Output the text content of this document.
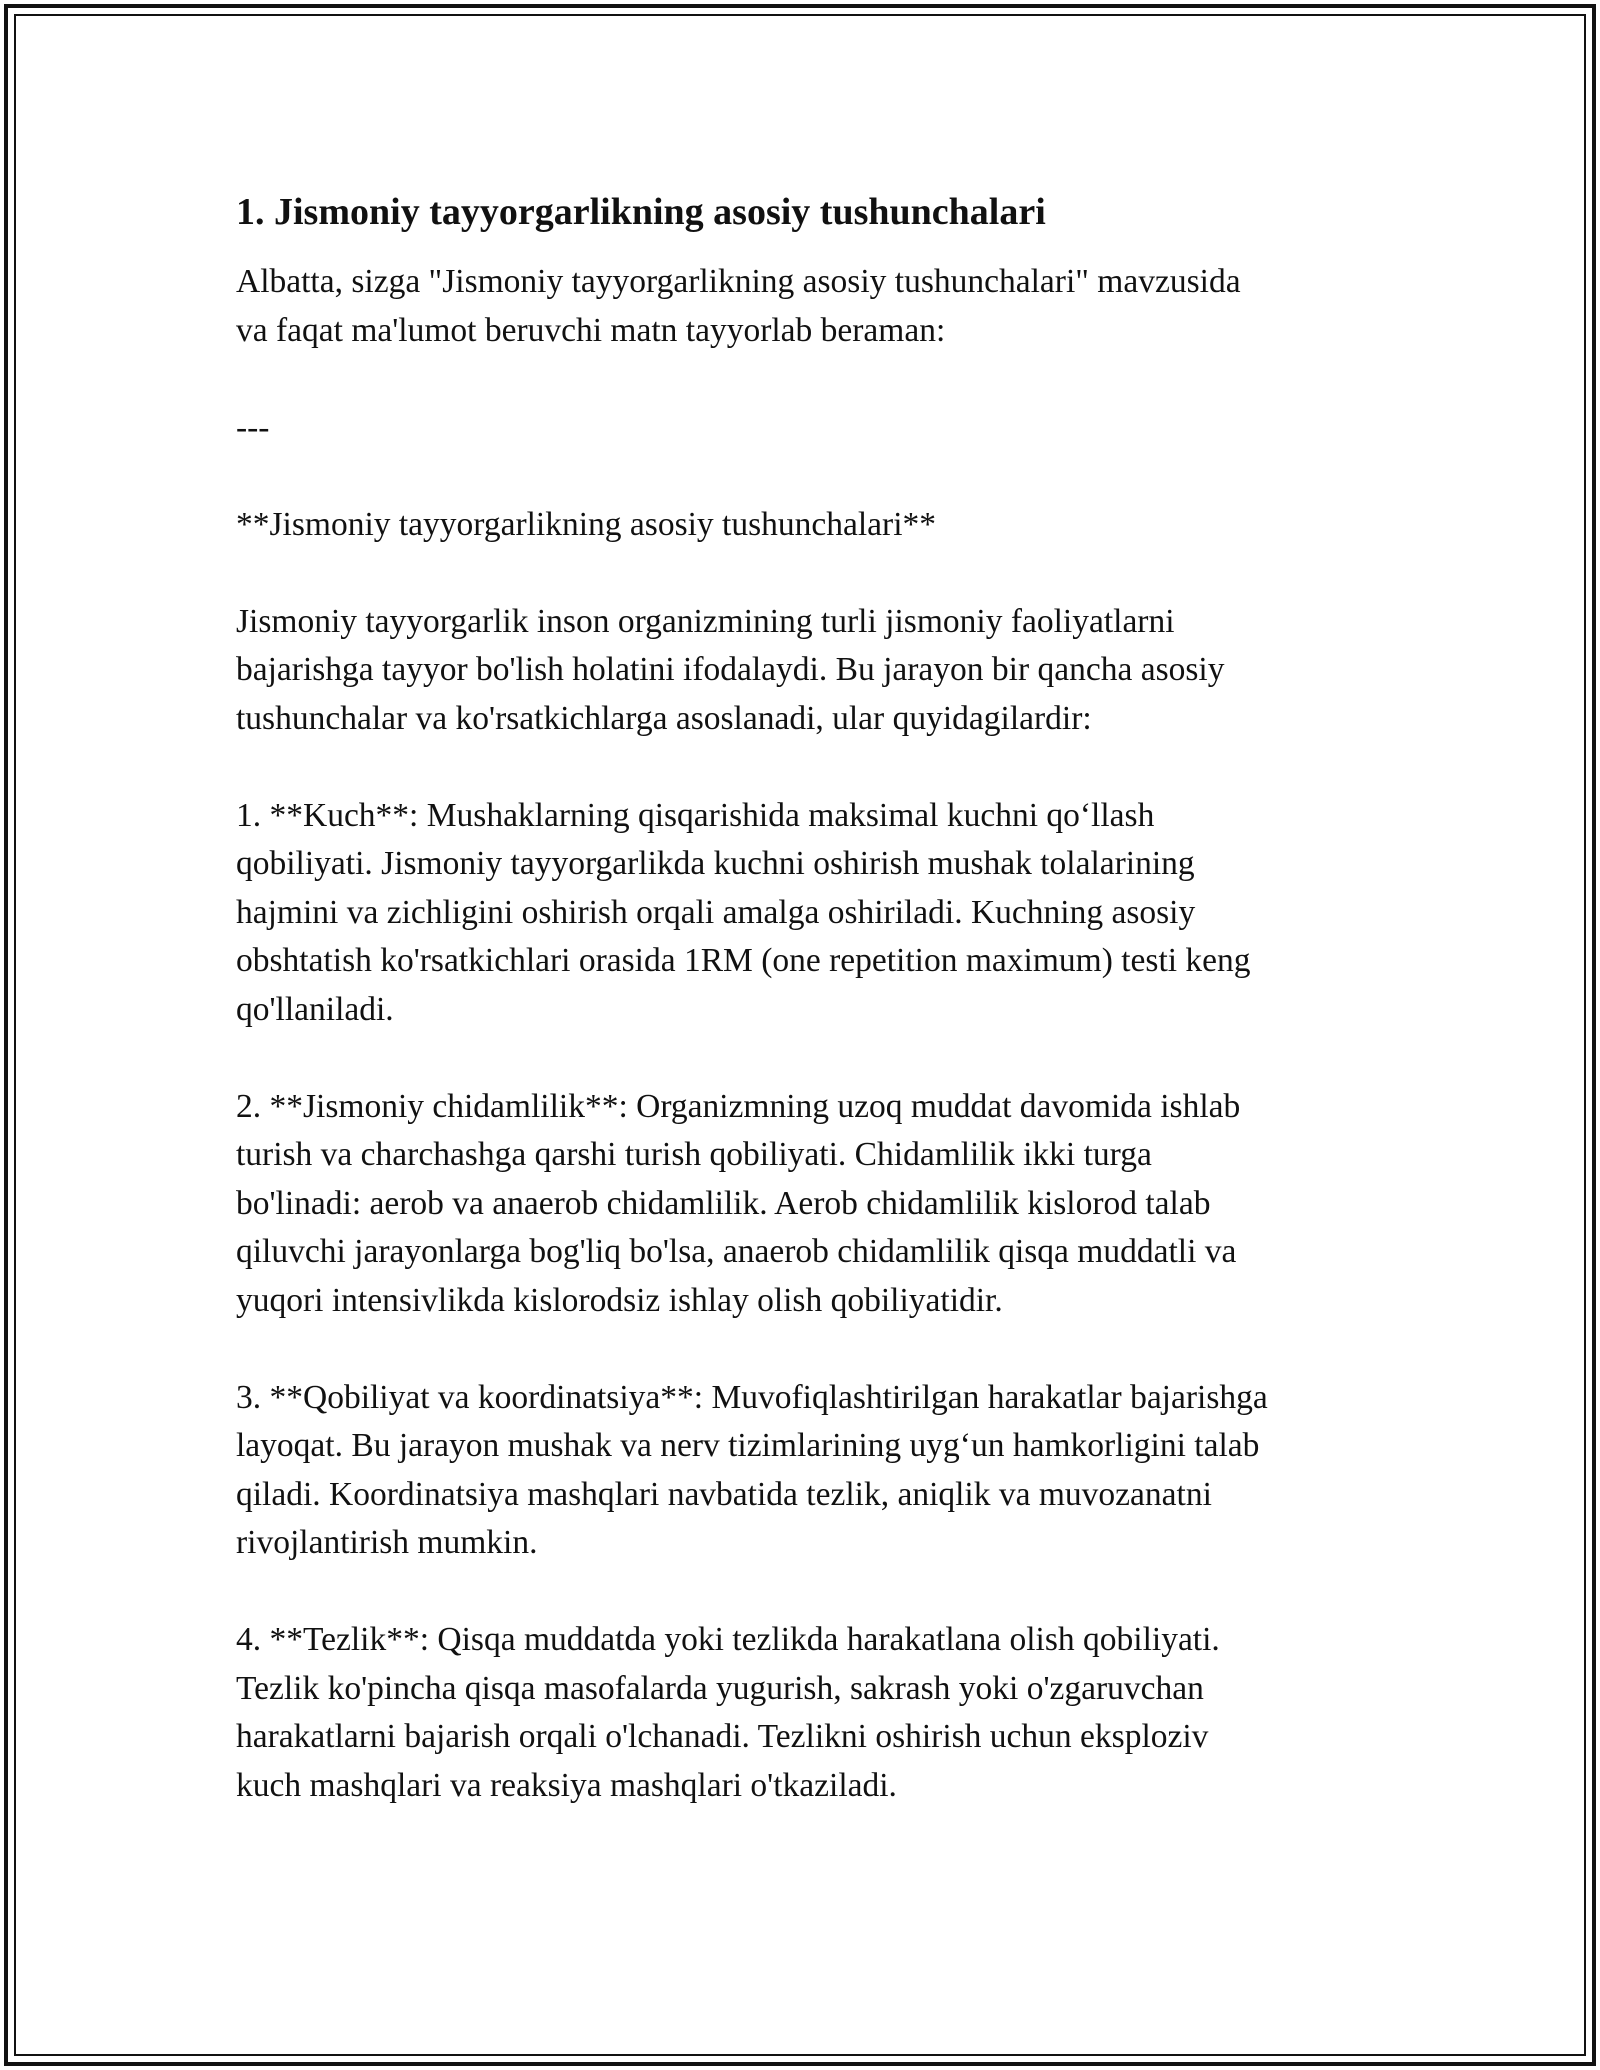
1. Jismoniy tayyorgarlikning asosiy tushunchalari

Albatta, sizga "Jismoniy tayyorgarlikning asosiy tushunchalari" mavzusida
va faqat ma'lumot beruvchi matn tayyorlab beraman:

---

**Jismoniy tayyorgarlikning asosiy tushunchalari**

Jismoniy tayyorgarlik inson organizmining turli jismoniy faoliyatlarni
bajarishga tayyor bo'lish holatini ifodalaydi. Bu jarayon bir qancha asosiy
tushunchalar va ko'rsatkichlarga asoslanadi, ular quyidagilardir:

1. **Kuch**: Mushaklarning qisqarishida maksimal kuchni qo‘llash
qobiliyati. Jismoniy tayyorgarlikda kuchni oshirish mushak tolalarining
hajmini va zichligini oshirish orqali amalga oshiriladi. Kuchning asosiy
obshtatish ko'rsatkichlari orasida 1RM (one repetition maximum) testi keng
qo'llaniladi.

2. **Jismoniy chidamlilik**: Organizmning uzoq muddat davomida ishlab
turish va charchashga qarshi turish qobiliyati. Chidamlilik ikki turga
bo'linadi: aerob va anaerob chidamlilik. Aerob chidamlilik kislorod talab
qiluvchi jarayonlarga bog'liq bo'lsa, anaerob chidamlilik qisqa muddatli va
yuqori intensivlikda kislorodsiz ishlay olish qobiliyatidir.

3. **Qobiliyat va koordinatsiya**: Muvofiqlashtirilgan harakatlar bajarishga
layoqat. Bu jarayon mushak va nerv tizimlarining uyg‘un hamkorligini talab
qiladi. Koordinatsiya mashqlari navbatida tezlik, aniqlik va muvozanatni
rivojlantirish mumkin.

4. **Tezlik**: Qisqa muddatda yoki tezlikda harakatlana olish qobiliyati.
Tezlik ko'pincha qisqa masofalarda yugurish, sakrash yoki o'zgaruvchan
harakatlarni bajarish orqali o'lchanadi. Tezlikni oshirish uchun eksploziv
kuch mashqlari va reaksiya mashqlari o'tkaziladi.
